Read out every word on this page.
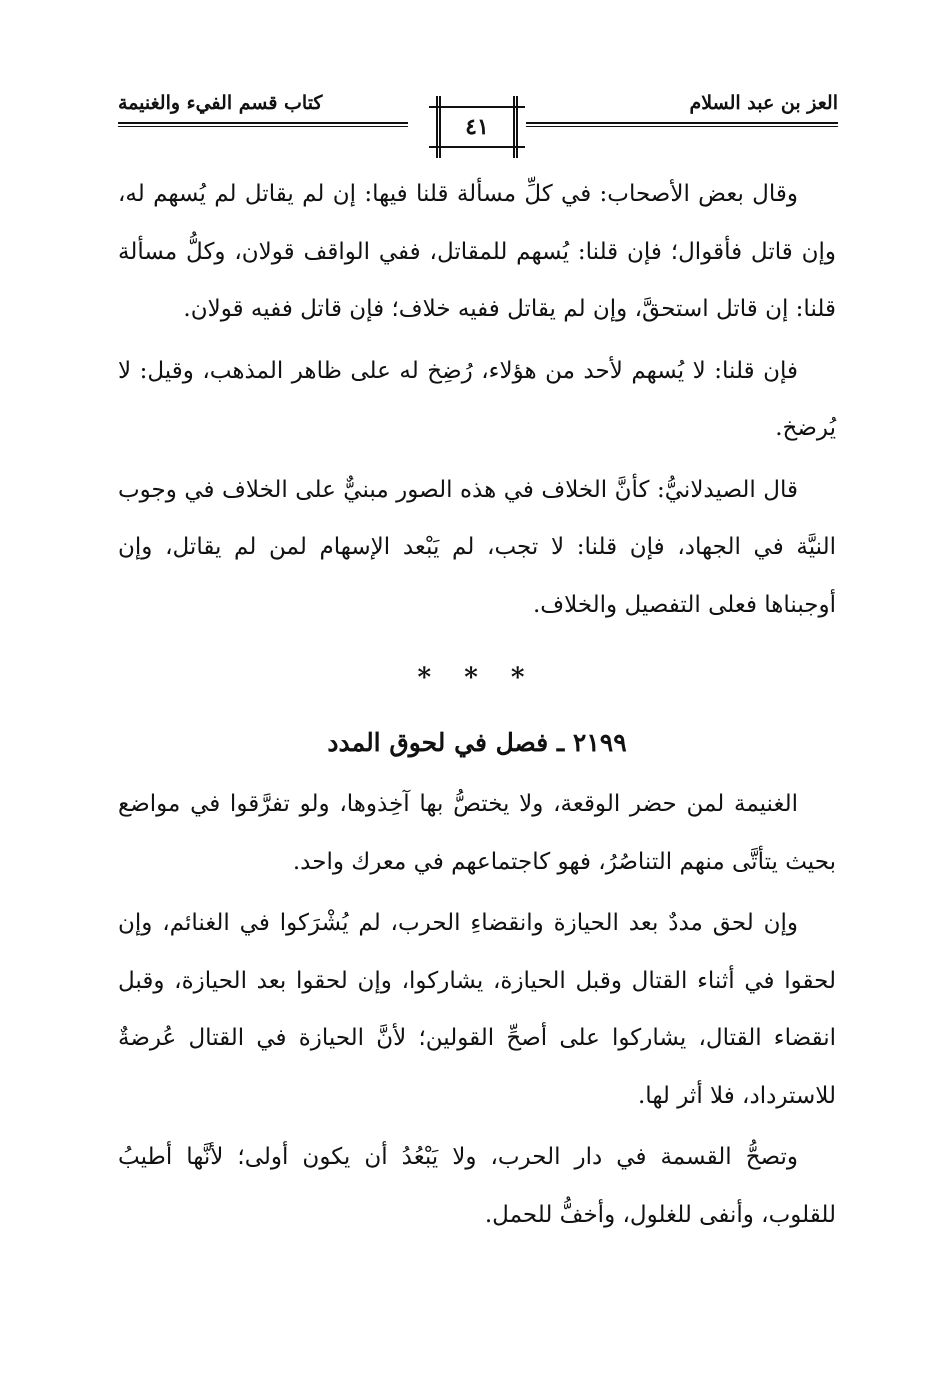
العز بن عبد السلام
كتاب قسم الفيء والغنيمة
٤١

وقال بعض الأصحاب: في كلِّ مسألة قلنا فيها: إن لم يقاتل لم يُسهم له، وإن قاتل فأقوال؛ فإن قلنا: يُسهم للمقاتل، ففي الواقف قولان، وكلُّ مسألة قلنا: إن قاتل استحقَّ، وإن لم يقاتل ففيه خلاف؛ فإن قاتل ففيه قولان.

فإن قلنا: لا يُسهم لأحد من هؤلاء، رُضِخ له على ظاهر المذهب، وقيل: لا يُرضخ.

قال الصيدلانيُّ: كأنَّ الخلاف في هذه الصور مبنيٌّ على الخلاف في وجوب النيَّة في الجهاد، فإن قلنا: لا تجب، لم يَبْعد الإسهام لمن لم يقاتل، وإن أوجبناها فعلى التفصيل والخلاف.

* * *
٢١٩٩ ـ فصل في لحوق المدد

الغنيمة لمن حضر الوقعة، ولا يختصُّ بها آخِذوها، ولو تفرَّقوا في مواضع بحيث يتأتَّى منهم التناصُرُ، فهو كاجتماعهم في معرك واحد.

وإن لحق مددٌ بعد الحيازة وانقضاءِ الحرب، لم يُشْرَكوا في الغنائم، وإن لحقوا في أثناء القتال وقبل الحيازة، يشاركوا، وإن لحقوا بعد الحيازة، وقبل انقضاء القتال، يشاركوا على أصحِّ القولين؛ لأنَّ الحيازة في القتال عُرضةٌ للاسترداد، فلا أثر لها.

وتصحُّ القسمة في دار الحرب، ولا يَبْعُدُ أن يكون أولى؛ لأنَّها أطيبُ للقلوب، وأنفى للغلول، وأخفُّ للحمل.
